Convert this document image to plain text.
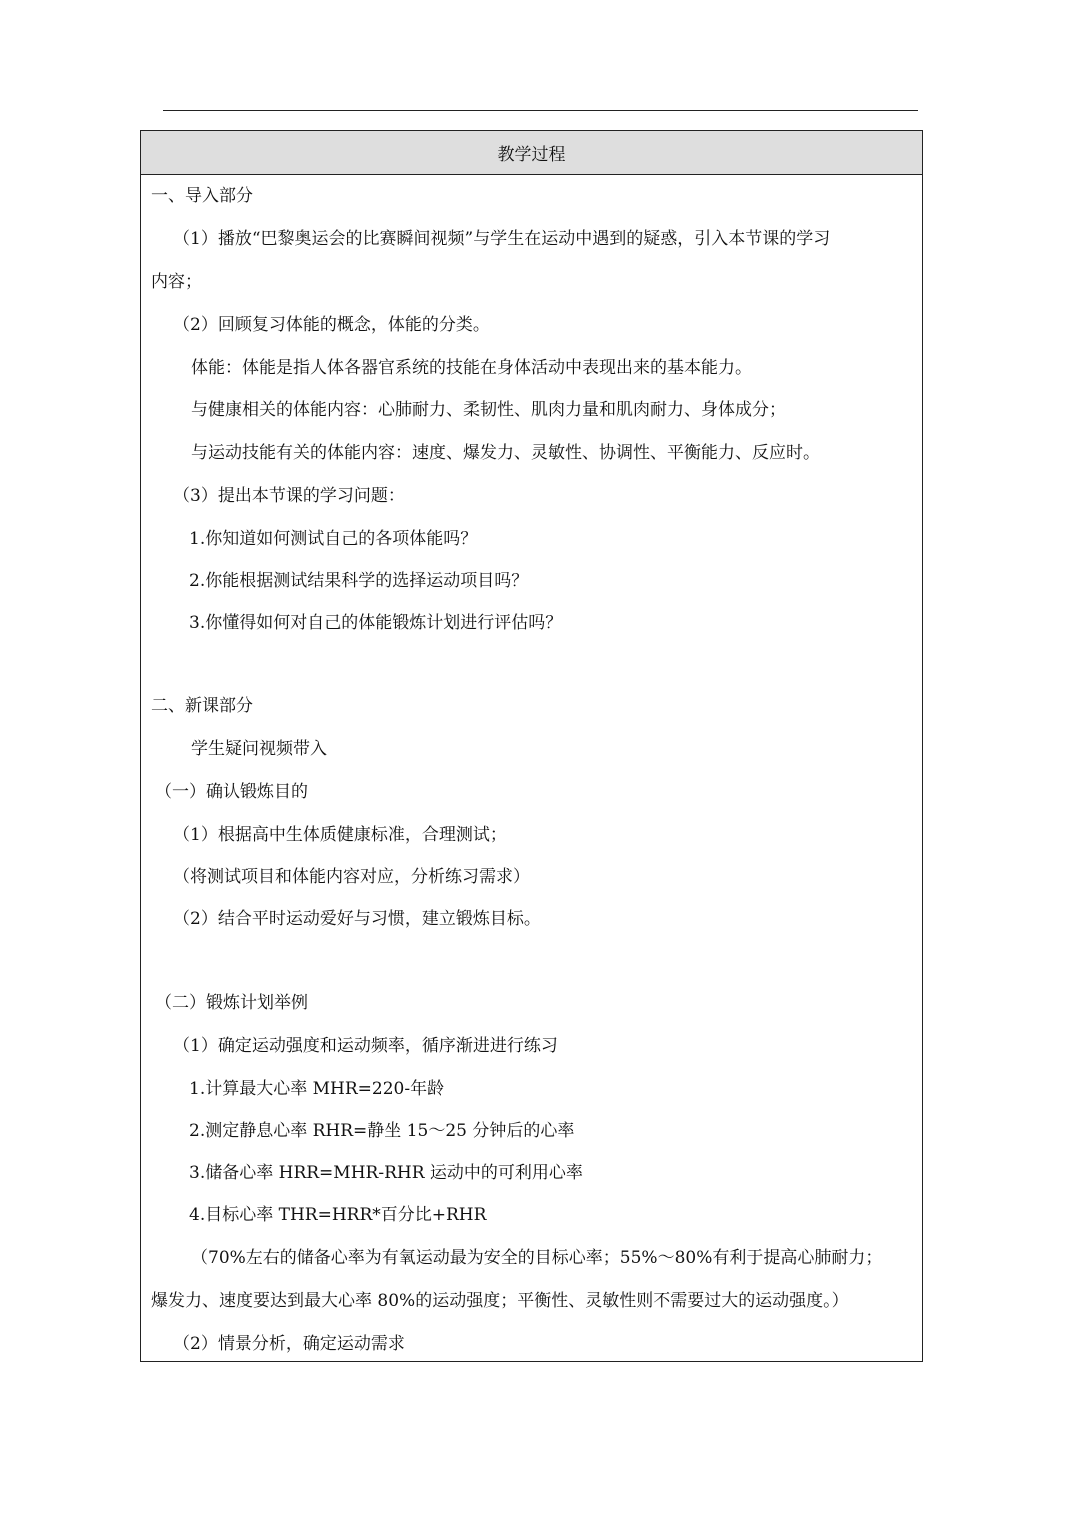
教学过程
一、导入部分
（1）播放“巴黎奥运会的比赛瞬间视频”与学生在运动中遇到的疑惑，引入本节课的学习
内容；
（2）回顾复习体能的概念，体能的分类。
体能：体能是指人体各器官系统的技能在身体活动中表现出来的基本能力。
与健康相关的体能内容：心肺耐力、柔韧性、肌肉力量和肌肉耐力、身体成分；
与运动技能有关的体能内容：速度、爆发力、灵敏性、协调性、平衡能力、反应时。
（3）提出本节课的学习问题：
1.你知道如何测试自己的各项体能吗？
2.你能根据测试结果科学的选择运动项目吗？
3.你懂得如何对自己的体能锻炼计划进行评估吗？
二、新课部分
学生疑问视频带入
（一）确认锻炼目的
（1）根据高中生体质健康标准，合理测试；
（将测试项目和体能内容对应，分析练习需求）
（2）结合平时运动爱好与习惯，建立锻炼目标。
（二）锻炼计划举例
（1）确定运动强度和运动频率，循序渐进进行练习
1.计算最大心率 MHR=220-年龄
2.测定静息心率 RHR=静坐 15～25 分钟后的心率
3.储备心率 HRR=MHR-RHR 运动中的可利用心率
4.目标心率 THR=HRR*百分比+RHR
（70%左右的储备心率为有氧运动最为安全的目标心率；55%～80%有利于提高心肺耐力；
爆发力、速度要达到最大心率 80%的运动强度；平衡性、灵敏性则不需要过大的运动强度。）
（2）情景分析，确定运动需求
